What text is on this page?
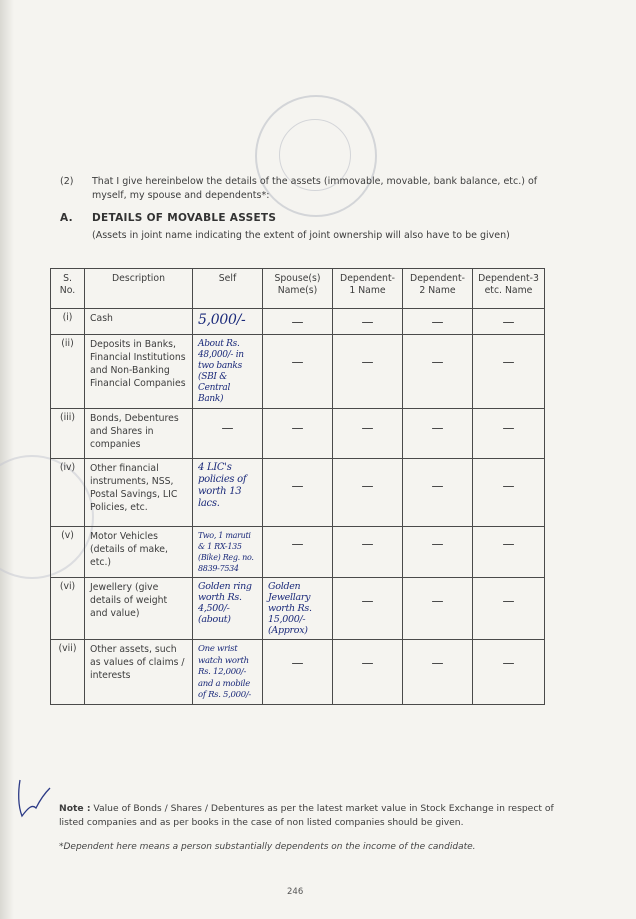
(2) That I give hereinbelow the details of the assets (immovable, movable, bank balance, etc.) of
myself, my spouse and dependents*:
A. DETAILS OF MOVABLE ASSETS
(Assets in joint name indicating the extent of joint ownership will also have to be given)
S. No.	Description	Self	Spouse(s) Name(s)	Dependent-1 Name	Dependent-2 Name	Dependent-3 etc. Name
(i)	Cash	5,000/-	—	—	—	—

(ii)	Deposits in Banks, Financial Institutions and Non-Banking Financial Companies	About Rs. 48,000/- in two banks (SBI & Central Bank)	—	—	—	—

(iii)	Bonds, Debentures and Shares in companies	—	—	—	—	—

(iv)	Other financial instruments, NSS, Postal Savings, LIC Policies, etc.	4 LIC's policies of worth 13 lacs.	—	—	—	—

(v)	Motor Vehicles (details of make, etc.)	Two, 1 maruti & 1 RX-135 (Bike) Reg. no. 8839-7534	—	—	—	—

(vi)	Jewellery (give details of weight and value)	Golden ring worth Rs. 4,500/- (about)	Golden Jewellary worth Rs. 15,000/- (Approx)	—	—	—

(vii)	Other assets, such as values of claims / interests	One wrist watch worth Rs. 12,000/- and a mobile of Rs. 5,000/-	—	—	—	—
Note : Value of Bonds / Shares / Debentures as per the latest market value in Stock Exchange in respect of listed companies and as per books in the case of non listed companies should be given.
*Dependent here means a person substantially dependents on the income of the candidate.
246
